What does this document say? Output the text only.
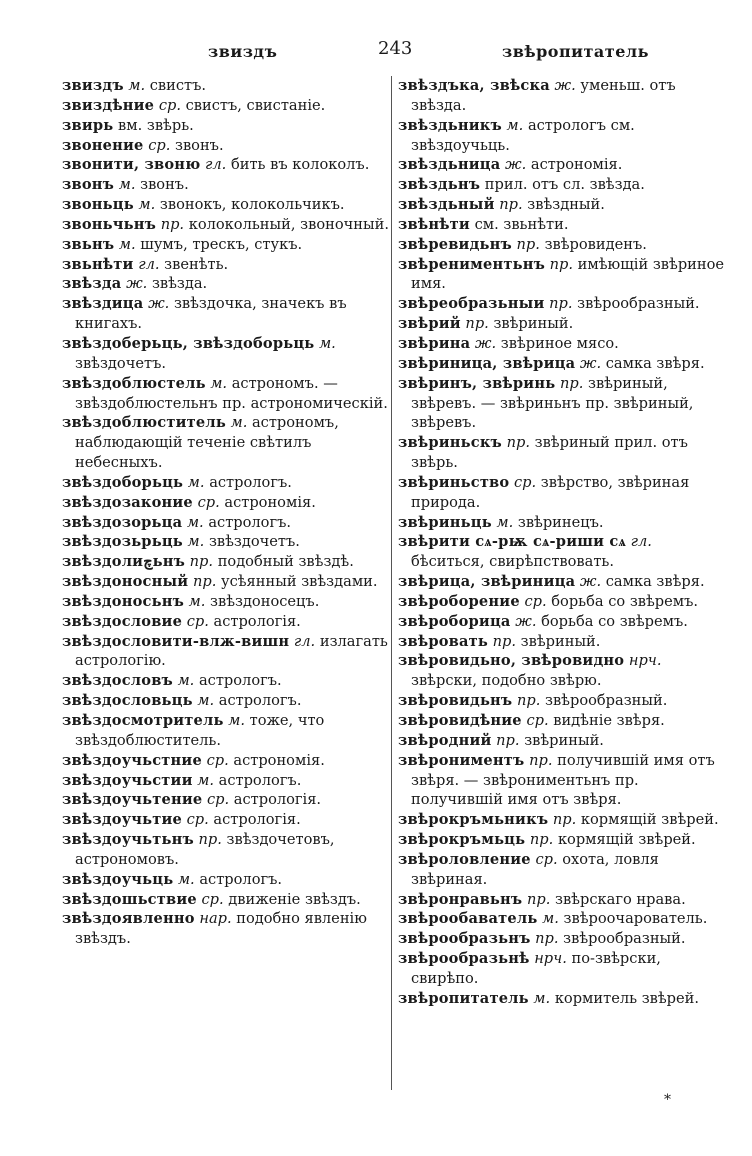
звиздъ	243	звѣропитатель

звиздъ м. свистъ.

звиздѣние ср. свистъ, свистаніе.

звирь вм. звѣрь.

звонение ср. звонъ.

звонити, звоню гл. бить въ колоколъ.

звонъ м. звонъ.

звоньць м. звонокъ, колокольчикъ.

звоньчьнъ пр. колокольный, звоночный.

звьнъ м. шумъ, трескъ, стукъ.

звьнѣти гл. звенѣть.

звѣзда ж. звѣзда.

звѣздица ж. звѣздочка, значекъ въ книгахъ.

звѣздоберьць, звѣздоборьць м. звѣздочетъ.

звѣздоблюстель м. астрономъ. — звѣздоблюстельнъ пр. астрономическій.

звѣздоблюститель м. астрономъ, наблюдающій теченіе свѣтилъ небесныхъ.

звѣздоборьць м. астрологъ.

звѣздозаконие ср. астрономія.

звѣздозорьца м. астрологъ.

звѣздозьрьць м. звѣздочетъ.

звѣздолиچьнъ пр. подобный звѣздѣ.

звѣздоносный пр. усѣянный звѣздами.

звѣздоносьнъ м. звѣздоносецъ.

звѣздословие ср. астрологія.

звѣздословити-влж-вишн гл. излагать астрологію.

звѣздословъ м. астрологъ.

звѣздословьць м. астрологъ.

звѣздосмотритель м. тоже, что звѣздоблюститель.

звѣздоучьстние ср. астрономія.

звѣздоучьстии м. астрологъ.

звѣздоучьтение ср. астрологія.

звѣздоучьтие ср. астрологія.

звѣздоучьтьнъ пр. звѣздочетовъ, астрономовъ.

звѣздоучьць м. астрологъ.

звѣздошьствие ср. движеніе звѣздъ.

звѣздоявленно нар. подобно явленію звѣздъ.

звѣздъка, звѣска ж. уменьш. отъ звѣзда.

звѣздьникъ м. астрологъ см. звѣздоучьць.

звѣздьница ж. астрономія.

звѣздьнъ прил. отъ сл. звѣзда.

звѣздьный пр. звѣздный.

звѣнѣти см. звьнѣти.

звѣревидьнъ пр. звѣровиденъ.

звѣрениментьнъ пр. имѣющій звѣриное имя.

звѣреобразьныи пр. звѣрообразный.

звѣрий пр. звѣриный.

звѣрина ж. звѣриное мясо.

звѣриница, звѣрица ж. самка звѣря.

звѣринъ, звѣринь пр. звѣриный, звѣревъ. — звѣриньнъ пр. звѣриный, звѣревъ.

звѣриньскъ пр. звѣриный прил. отъ звѣрь.

звѣриньство ср. звѣрство, звѣриная природа.

звѣриньць м. звѣринецъ.

звѣрити сѧ-рѭ сѧ-риши сѧ гл. бѣситься, свирѣпствовать.

звѣрица, звѣриница ж. самка звѣря.

звѣроборение ср. борьба со звѣремъ.

звѣроборица ж. борьба со звѣремъ.

звѣровать пр. звѣриный.

звѣровидьно, звѣровидно нрч. звѣрски, подобно звѣрю.

звѣровидьнъ пр. звѣрообразный.

звѣровидѣние ср. видѣніе звѣря.

звѣродний пр. звѣриный.

звѣрониментъ пр. получившій имя отъ звѣря. — звѣрониментьнъ пр. получившій имя отъ звѣря.

звѣрокръмьникъ пр. кормящій звѣрей.

звѣрокръмьць пр. кормящій звѣрей.

звѣроловление ср. охота, ловля звѣриная.

звѣронравьнъ пр. звѣрскаго нрава.

звѣрообаватель м. звѣроочарователь.

звѣрообразьнъ пр. звѣрообразный.

звѣрообразьнѣ нрч. по-звѣрски, свирѣпо.

звѣропитатель м. кормитель звѣрей.

*
